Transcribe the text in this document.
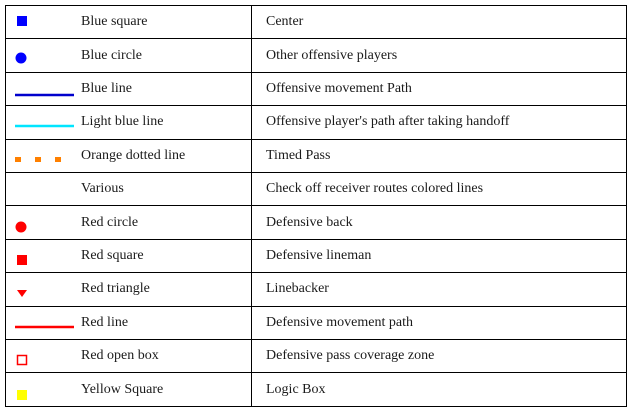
Blue square	Center

Blue circle	Other offensive players

Blue line	Offensive movement Path

Light blue line	Offensive player's path after taking handoff

Orange dotted line	Timed Pass

Various	Check off receiver routes colored lines

Red circle	Defensive back

Red square	Defensive lineman

Red triangle	Linebacker

Red line	Defensive movement path

Red open box	Defensive pass coverage zone

Yellow Square	Logic Box
